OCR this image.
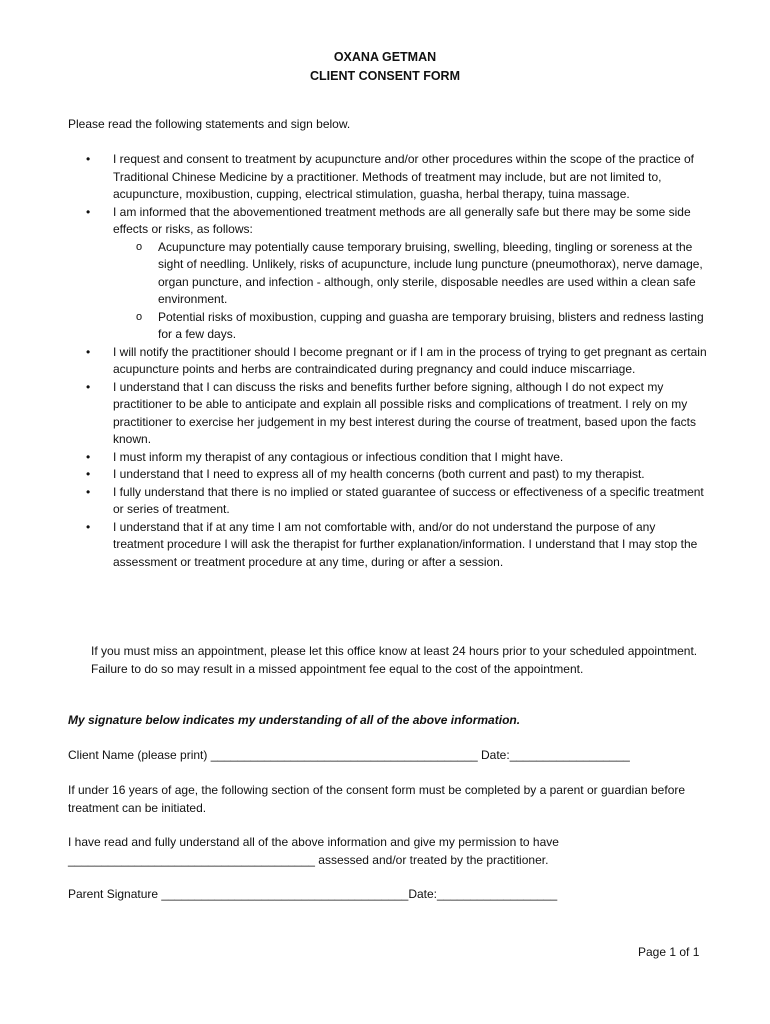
OXANA GETMAN
CLIENT CONSENT FORM
Please read the following statements and sign below.
• I request and consent to treatment by acupuncture and/or other procedures within the scope of the practice of Traditional Chinese Medicine by a practitioner. Methods of treatment may include, but are not limited to, acupuncture, moxibustion, cupping, electrical stimulation, guasha, herbal therapy, tuina massage.
• I am informed that the abovementioned treatment methods are all generally safe but there may be some side effects or risks, as follows:
o Acupuncture may potentially cause temporary bruising, swelling, bleeding, tingling or soreness at the sight of needling. Unlikely, risks of acupuncture, include lung puncture (pneumothorax), nerve damage, organ puncture, and infection - although, only sterile, disposable needles are used within a clean safe environment.
o Potential risks of moxibustion, cupping and guasha are temporary bruising, blisters and redness lasting for a few days.
• I will notify the practitioner should I become pregnant or if I am in the process of trying to get pregnant as certain acupuncture points and herbs are contraindicated during pregnancy and could induce miscarriage.
• I understand that I can discuss the risks and benefits further before signing, although I do not expect my practitioner to be able to anticipate and explain all possible risks and complications of treatment. I rely on my practitioner to exercise her judgement in my best interest during the course of treatment, based upon the facts known.
• I must inform my therapist of any contagious or infectious condition that I might have.
• I understand that I need to express all of my health concerns (both current and past) to my therapist.
• I fully understand that there is no implied or stated guarantee of success or effectiveness of a specific treatment or series of treatment.
• I understand that if at any time I am not comfortable with, and/or do not understand the purpose of any treatment procedure I will ask the therapist for further explanation/information. I understand that I may stop the assessment or treatment procedure at any time, during or after a session.
If you must miss an appointment, please let this office know at least 24 hours prior to your scheduled appointment. Failure to do so may result in a missed appointment fee equal to the cost of the appointment.
My signature below indicates my understanding of all of the above information.
Client Name (please print) ________________________________________ Date:__________________
If under 16 years of age, the following section of the consent form must be completed by a parent or guardian before treatment can be initiated.
I have read and fully understand all of the above information and give my permission to have
_____________________________________ assessed and/or treated by the practitioner.
Parent Signature _____________________________________Date:__________________
Page 1 of 1
